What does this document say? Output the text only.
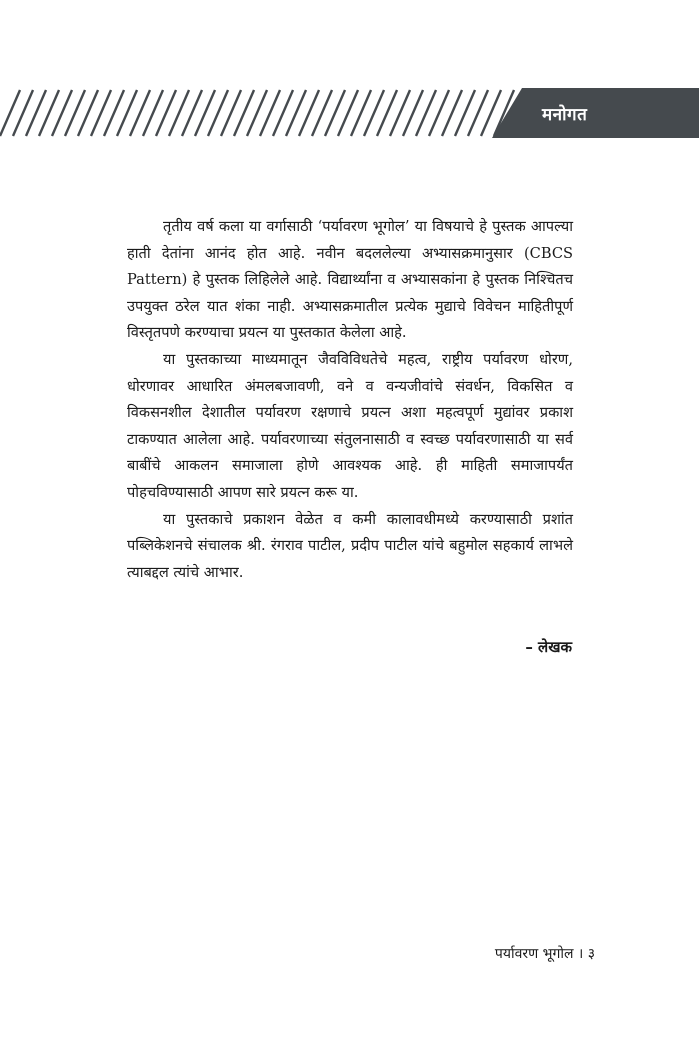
मनोगत

तृतीय वर्ष कला या वर्गासाठी ‘पर्यावरण भूगोल’ या विषयाचे हे पुस्तक आपल्या हाती देतांना आनंद होत आहे. नवीन बदललेल्या अभ्यासक्रमानुसार (CBCS Pattern) हे पुस्तक लिहिलेले आहे. विद्यार्थ्यांना व अभ्यासकांना हे पुस्तक निश्चितच उपयुक्त ठरेल यात शंका नाही. अभ्यासक्रमातील प्रत्येक मुद्याचे विवेचन माहितीपूर्ण विस्तृतपणे करण्याचा प्रयत्न या पुस्तकात केलेला आहे.

या पुस्तकाच्या माध्यमातून जैवविविधतेचे महत्व, राष्ट्रीय पर्यावरण धोरण, धोरणावर आधारित अंमलबजावणी, वने व वन्यजीवांचे संवर्धन, विकसित व विकसनशील देशातील पर्यावरण रक्षणाचे प्रयत्न अशा महत्वपूर्ण मुद्यांवर प्रकाश टाकण्यात आलेला आहे. पर्यावरणाच्या संतुलनासाठी व स्वच्छ पर्यावरणासाठी या सर्व बाबींचे आकलन समाजाला होणे आवश्यक आहे. ही माहिती समाजापर्यंत पोहचविण्यासाठी आपण सारे प्रयत्न करू या.

या पुस्तकाचे प्रकाशन वेळेत व कमी कालावधीमध्ये करण्यासाठी प्रशांत पब्लिकेशनचे संचालक श्री. रंगराव पाटील, प्रदीप पाटील यांचे बहुमोल सहकार्य लाभले त्याबद्दल त्यांचे आभार.

– लेखक
पर्यावरण भूगोल । ३
